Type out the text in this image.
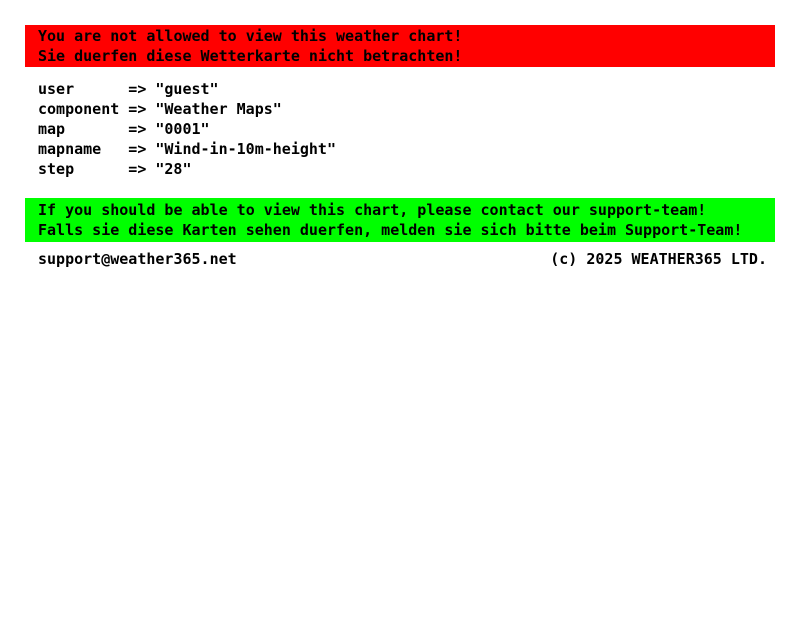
You are not allowed to view this weather chart!
Sie duerfen diese Wetterkarte nicht betrachten!
user	=> "guest"
component => "Weather Maps"
map	=> "0001"
mapname => "Wind-in-10m-height"
step	=> "28"
If you should be able to view this chart, please contact our support-team!
Falls sie diese Karten sehen duerfen, melden sie sich bitte beim Support-Team!
support@weather365.net	(c) 2025 WEATHER365 LTD.
